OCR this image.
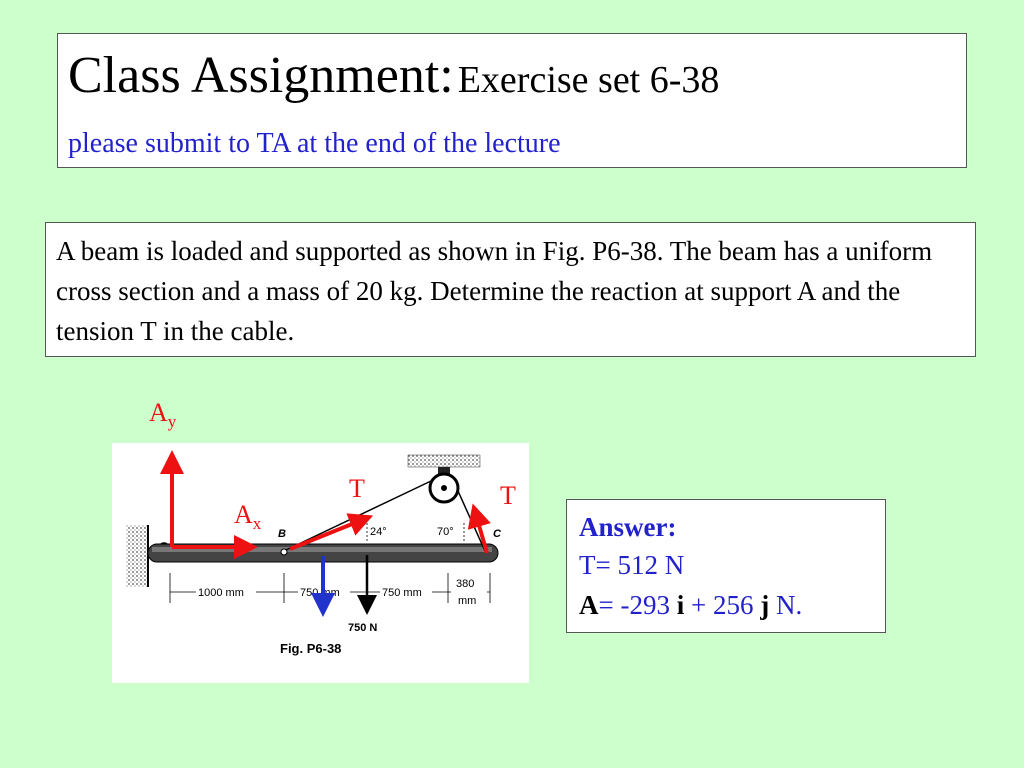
Class Assignment: Exercise set 6-38
please submit to TA at the end of the lecture
A beam is loaded and supported as shown in Fig. P6-38. The beam has a uniform cross section and a mass of 20 kg. Determine the reaction at support A and the tension T in the cable.
B	C
24°	70°
750 N
1000 mm	750 mm	750 mm
380
mm
Fig. P6-38
$A_y$
$A_x$
T	T
Answer:
T= 512 N
A= -293 i + 256 j N.
